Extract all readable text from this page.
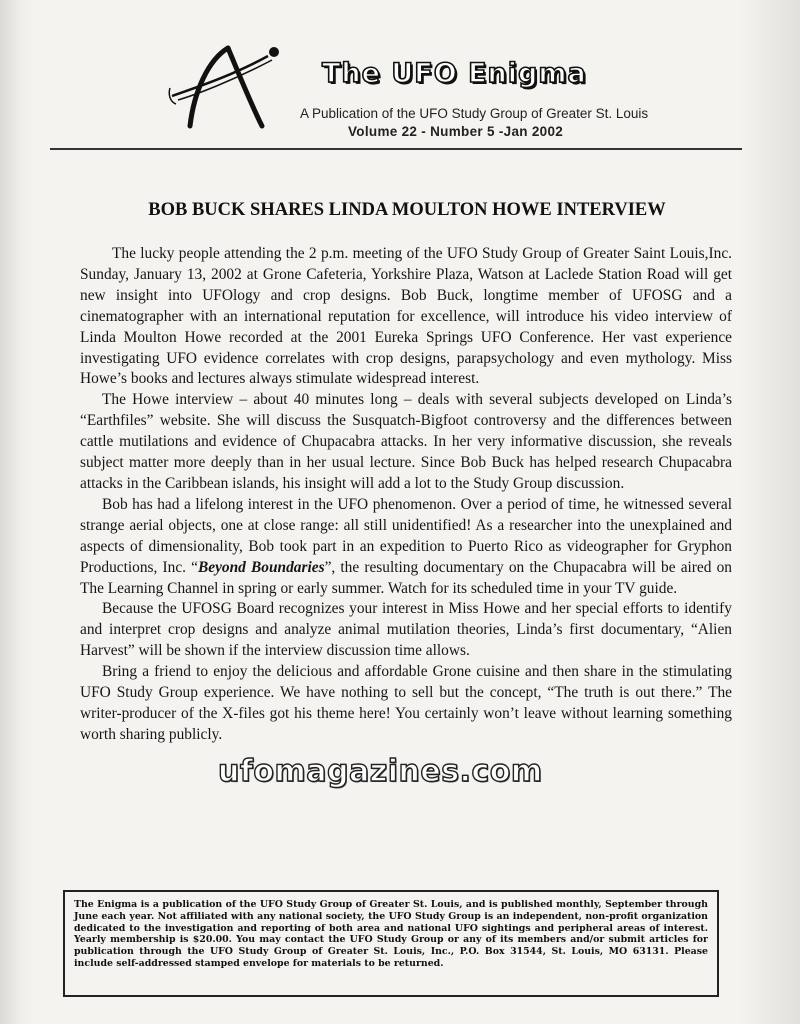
The UFO Enigma
A Publication of the UFO Study Group of Greater St. Louis
Volume 22 - Number 5 -Jan 2002
BOB BUCK SHARES LINDA MOULTON HOWE INTERVIEW

The lucky people attending the 2 p.m. meeting of the UFO Study Group of Greater Saint Louis,Inc. Sunday, January 13, 2002 at Grone Cafeteria, Yorkshire Plaza, Watson at Laclede Station Road will get new insight into UFOlogy and crop designs. Bob Buck, longtime member of UFOSG and a cinematographer with an international reputation for excellence, will introduce his video interview of Linda Moulton Howe recorded at the 2001 Eureka Springs UFO Conference. Her vast experience investigating UFO evidence correlates with crop designs, parapsychology and even mythology. Miss Howe’s books and lectures always stimulate widespread interest.

The Howe interview – about 40 minutes long – deals with several subjects developed on Linda’s “Earthfiles” website. She will discuss the Susquatch-Bigfoot controversy and the differences between cattle mutilations and evidence of Chupacabra attacks. In her very informative discussion, she reveals subject matter more deeply than in her usual lecture. Since Bob Buck has helped research Chupacabra attacks in the Caribbean islands, his insight will add a lot to the Study Group discussion.

Bob has had a lifelong interest in the UFO phenomenon. Over a period of time, he witnessed several strange aerial objects, one at close range: all still unidentified! As a researcher into the unexplained and aspects of dimensionality, Bob took part in an expedition to Puerto Rico as videographer for Gryphon Productions, Inc. “Beyond Boundaries”, the resulting documentary on the Chupacabra will be aired on The Learning Channel in spring or early summer. Watch for its scheduled time in your TV guide.

Because the UFOSG Board recognizes your interest in Miss Howe and her special efforts to identify and interpret crop designs and analyze animal mutilation theories, Linda’s first documentary, “Alien Harvest” will be shown if the interview discussion time allows.

Bring a friend to enjoy the delicious and affordable Grone cuisine and then share in the stimulating UFO Study Group experience. We have nothing to sell but the concept, “The truth is out there.” The writer-producer of the X-files got his theme here! You certainly won’t leave without learning something worth sharing publicly.

ufomagazines.com

The Enigma is a publication of the UFO Study Group of Greater St. Louis, and is published monthly, September through June each year. Not affiliated with any national society, the UFO Study Group is an independent, non-profit organization dedicated to the investigation and reporting of both area and national UFO sightings and peripheral areas of interest. Yearly membership is $20.00. You may contact the UFO Study Group or any of its members and/or submit articles for publication through the UFO Study Group of Greater St. Louis, Inc., P.O. Box 31544, St. Louis, MO 63131. Please include self-addressed stamped envelope for materials to be returned.
